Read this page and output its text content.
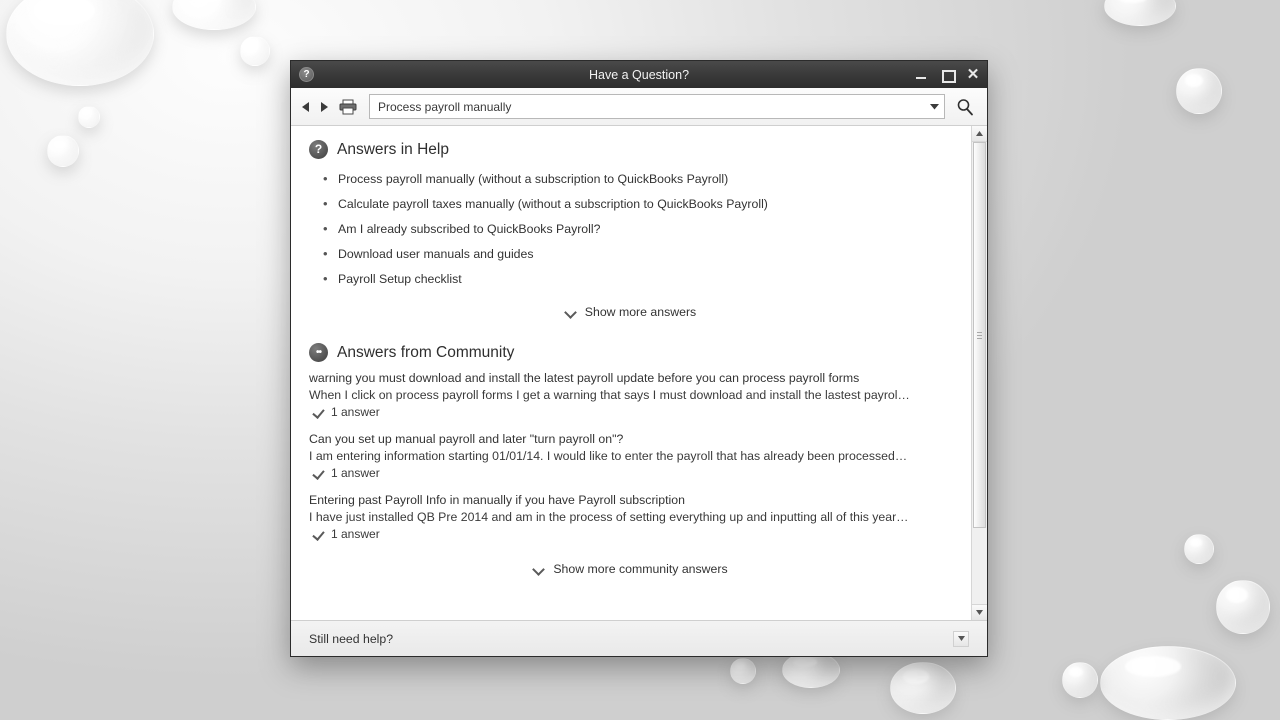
?	Have a Question?	✕
Process payroll manually
? Answers in Help
• Process payroll manually (without a subscription to QuickBooks Payroll)
• Calculate payroll taxes manually (without a subscription to QuickBooks Payroll)
• Am I already subscribed to QuickBooks Payroll?
• Download user manuals and guides
• Payroll Setup checklist
Show more answers
••	Answers from Community
warning you must download and install the latest payroll update before you can process payroll forms
When I click on process payroll forms I get a warning that says I must download and install the lastest payrol…
1 answer
Can you set up manual payroll and later "turn payroll on"?
I am entering information starting 01/01/14. I would like to enter the payroll that has already been processed…
1 answer
Entering past Payroll Info in manually if you have Payroll subscription
I have just installed QB Pre 2014 and am in the process of setting everything up and inputting all of this year…
1 answer
Show more community answers
Still need help?
